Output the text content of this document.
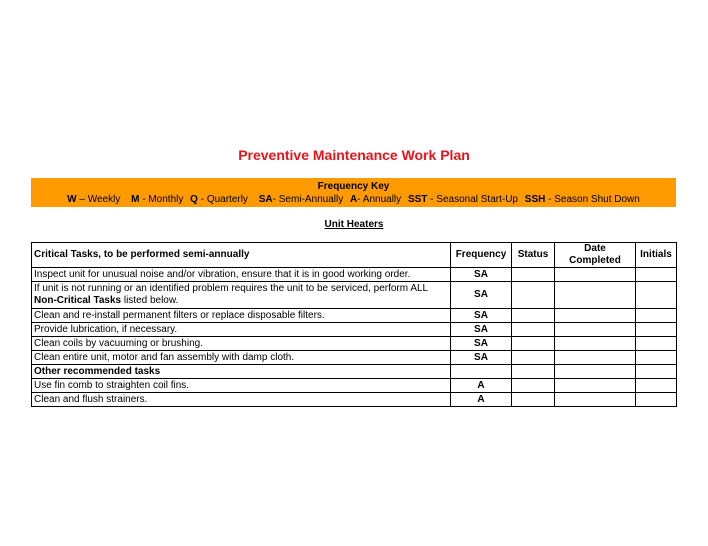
Preventive Maintenance Work Plan
Frequency Key
W – Weekly M - Monthly Q - Quarterly SA- Semi-Annually A- Annually SST - Seasonal Start-Up SSH - Season Shut Down
Unit Heaters
Critical Tasks, to be performed semi-annually	Frequency	Status	Date Completed	Initials
Inspect unit for unusual noise and/or vibration, ensure that it is in good working order.	SA			
If unit is not running or an identified problem requires the unit to be serviced, perform ALL Non-Critical Tasks listed below.	SA			
Clean and re-install permanent filters or replace disposable filters.	SA			
Provide lubrication, if necessary.	SA			
Clean coils by vacuuming or brushing.	SA			
Clean entire unit, motor and fan assembly with damp cloth.	SA			
Other recommended tasks				
Use fin comb to straighten coil fins.	A			
Clean and flush strainers.	A			
